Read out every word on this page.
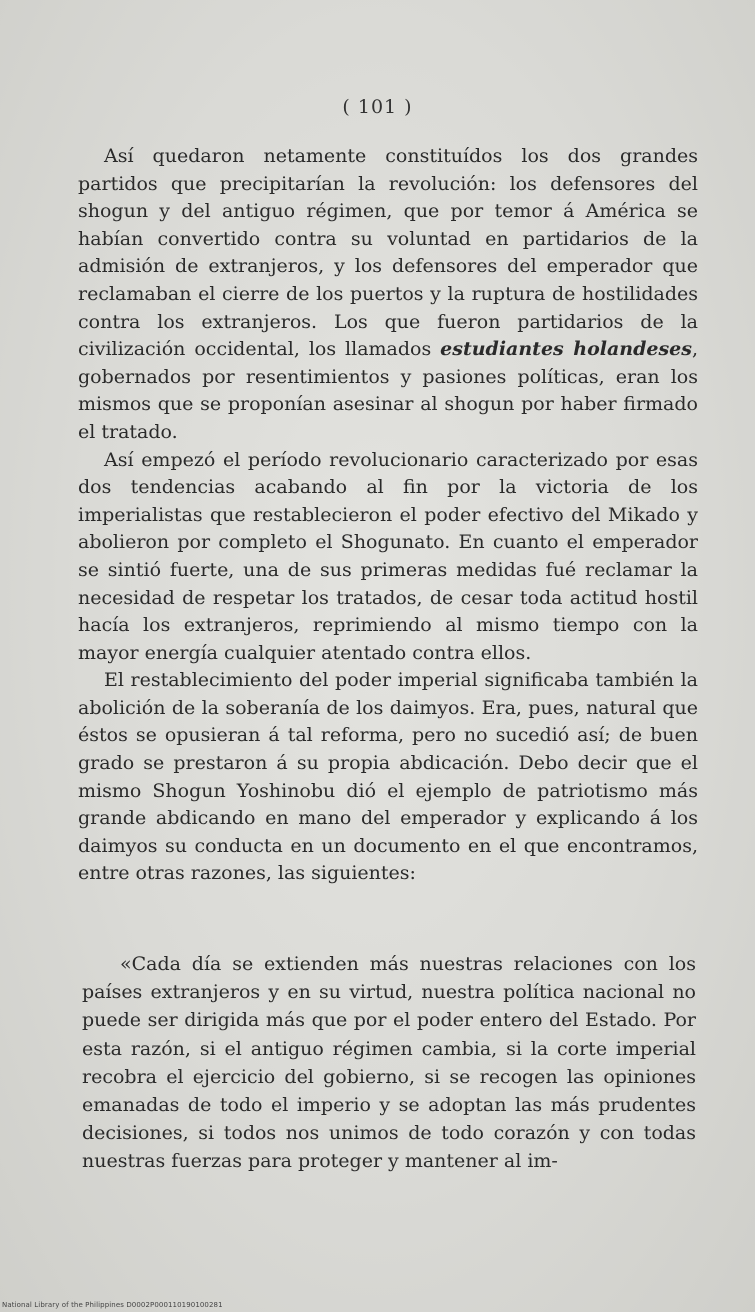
( 101 )

Así quedaron netamente constituídos los dos grandes partidos que precipitarían la revolución: los defensores del shogun y del antiguo régimen, que por temor á América se habían convertido contra su voluntad en partidarios de la admisión de extranjeros, y los defensores del emperador que reclamaban el cierre de los puertos y la ruptura de hostilidades contra los extranjeros. Los que fueron partidarios de la civilización occidental, los llamados estudiantes holandeses, gobernados por resentimientos y pasiones políticas, eran los mismos que se proponían asesinar al shogun por haber firmado el tratado.

Así empezó el período revolucionario caracterizado por esas dos tendencias acabando al fin por la victoria de los imperialistas que restablecieron el poder efectivo del Mikado y abolieron por completo el Shogunato. En cuanto el emperador se sintió fuerte, una de sus primeras medidas fué reclamar la necesidad de respetar los tratados, de cesar toda actitud hostil hacía los extranjeros, reprimiendo al mismo tiempo con la mayor energía cualquier atentado contra ellos.

El restablecimiento del poder imperial significaba también la abolición de la soberanía de los daimyos. Era, pues, natural que éstos se opusieran á tal reforma, pero no sucedió así; de buen grado se prestaron á su propia abdicación. Debo decir que el mismo Shogun Yoshinobu dió el ejemplo de patriotismo más grande abdicando en mano del emperador y explicando á los daimyos su conducta en un documento en el que encontramos, entre otras razones, las siguientes:

«Cada día se extienden más nuestras relaciones con los países extranjeros y en su virtud, nuestra política nacional no puede ser dirigida más que por el poder entero del Estado. Por esta razón, si el antiguo régimen cambia, si la corte imperial recobra el ejercicio del gobierno, si se recogen las opiniones emanadas de todo el imperio y se adoptan las más prudentes decisiones, si todos nos unimos de todo corazón y con todas nuestras fuerzas para proteger y mantener al im-

National Library of the Philippines D0002P000110190100281
